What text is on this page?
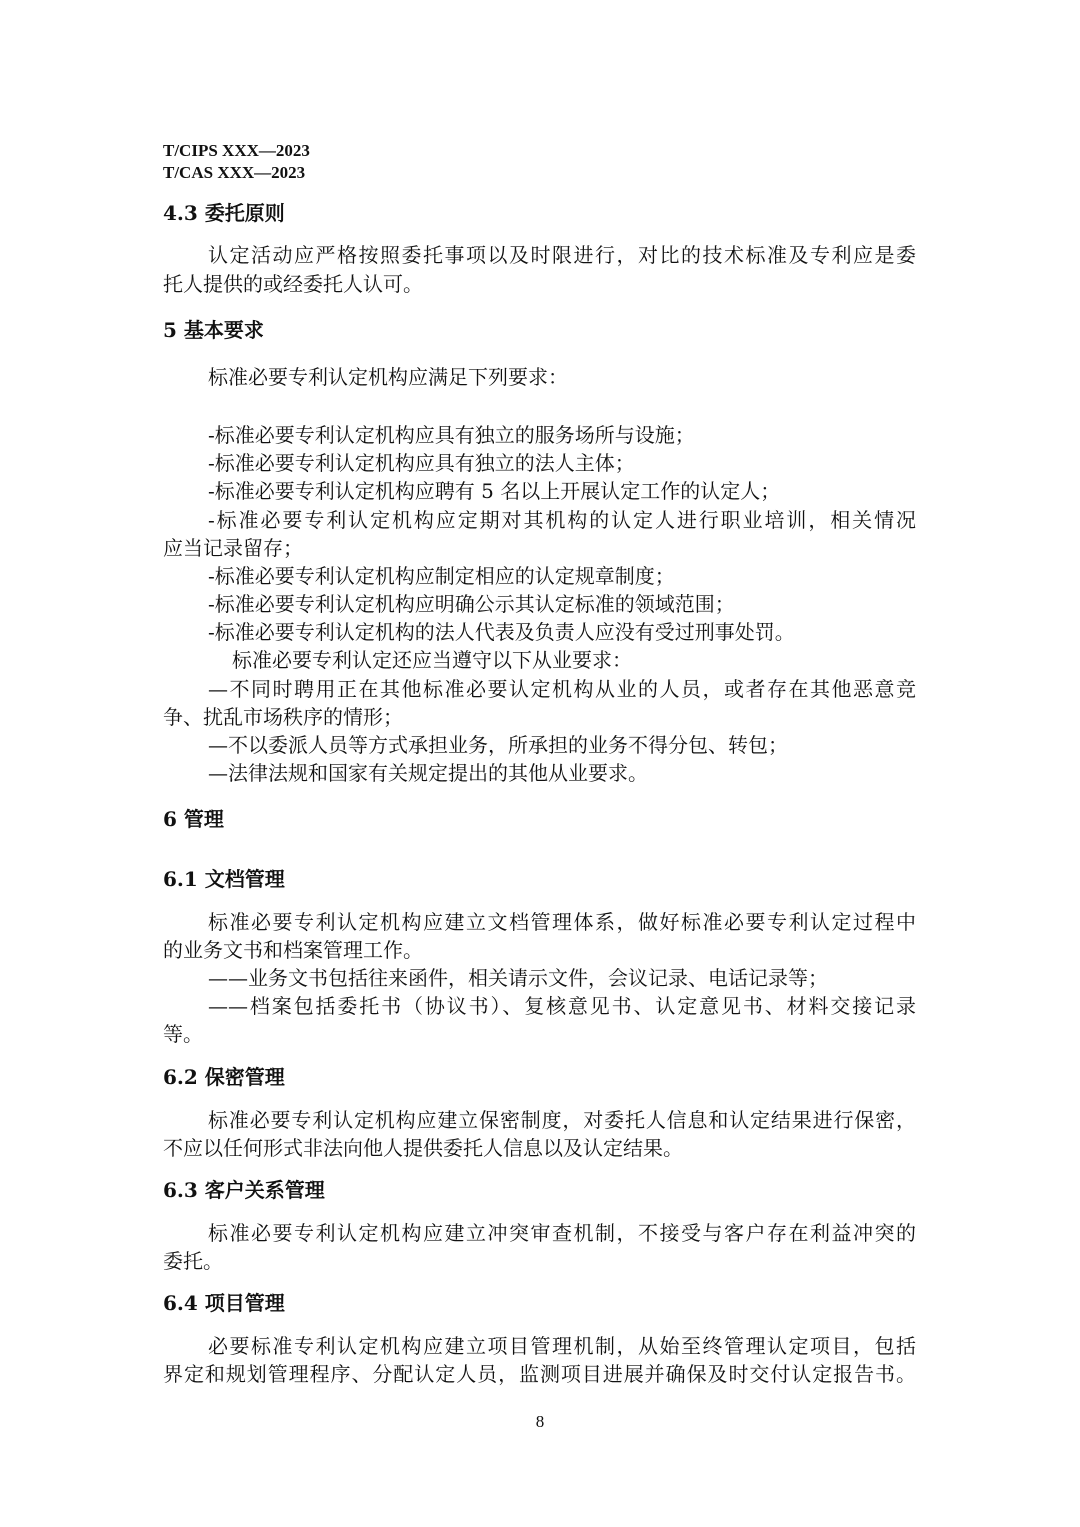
T/CIPS XXX—2023
T/CAS XXX—2023
4.3 委托原则
认定活动应严格按照委托事项以及时限进行，对比的技术标准及专利应是委
托人提供的或经委托人认可。
5 基本要求
标准必要专利认定机构应满足下列要求：
-标准必要专利认定机构应具有独立的服务场所与设施；
-标准必要专利认定机构应具有独立的法人主体；
-标准必要专利认定机构应聘有 5 名以上开展认定工作的认定人；
-标准必要专利认定机构应定期对其机构的认定人进行职业培训，相关情况
应当记录留存；
-标准必要专利认定机构应制定相应的认定规章制度；
-标准必要专利认定机构应明确公示其认定标准的领域范围；
-标准必要专利认定机构的法人代表及负责人应没有受过刑事处罚。
标准必要专利认定还应当遵守以下从业要求：
—不同时聘用正在其他标准必要认定机构从业的人员，或者存在其他恶意竞
争、扰乱市场秩序的情形；
—不以委派人员等方式承担业务，所承担的业务不得分包、转包；
—法律法规和国家有关规定提出的其他从业要求。
6 管理
6.1 文档管理
标准必要专利认定机构应建立文档管理体系，做好标准必要专利认定过程中
的业务文书和档案管理工作。
——业务文书包括往来函件，相关请示文件，会议记录、电话记录等；
——档案包括委托书（协议书）、复核意见书、认定意见书、材料交接记录
等。
6.2 保密管理
标准必要专利认定机构应建立保密制度，对委托人信息和认定结果进行保密，
不应以任何形式非法向他人提供委托人信息以及认定结果。
6.3 客户关系管理
标准必要专利认定机构应建立冲突审查机制，不接受与客户存在利益冲突的
委托。
6.4 项目管理
必要标准专利认定机构应建立项目管理机制，从始至终管理认定项目，包括
界定和规划管理程序、分配认定人员，监测项目进展并确保及时交付认定报告书。
8
